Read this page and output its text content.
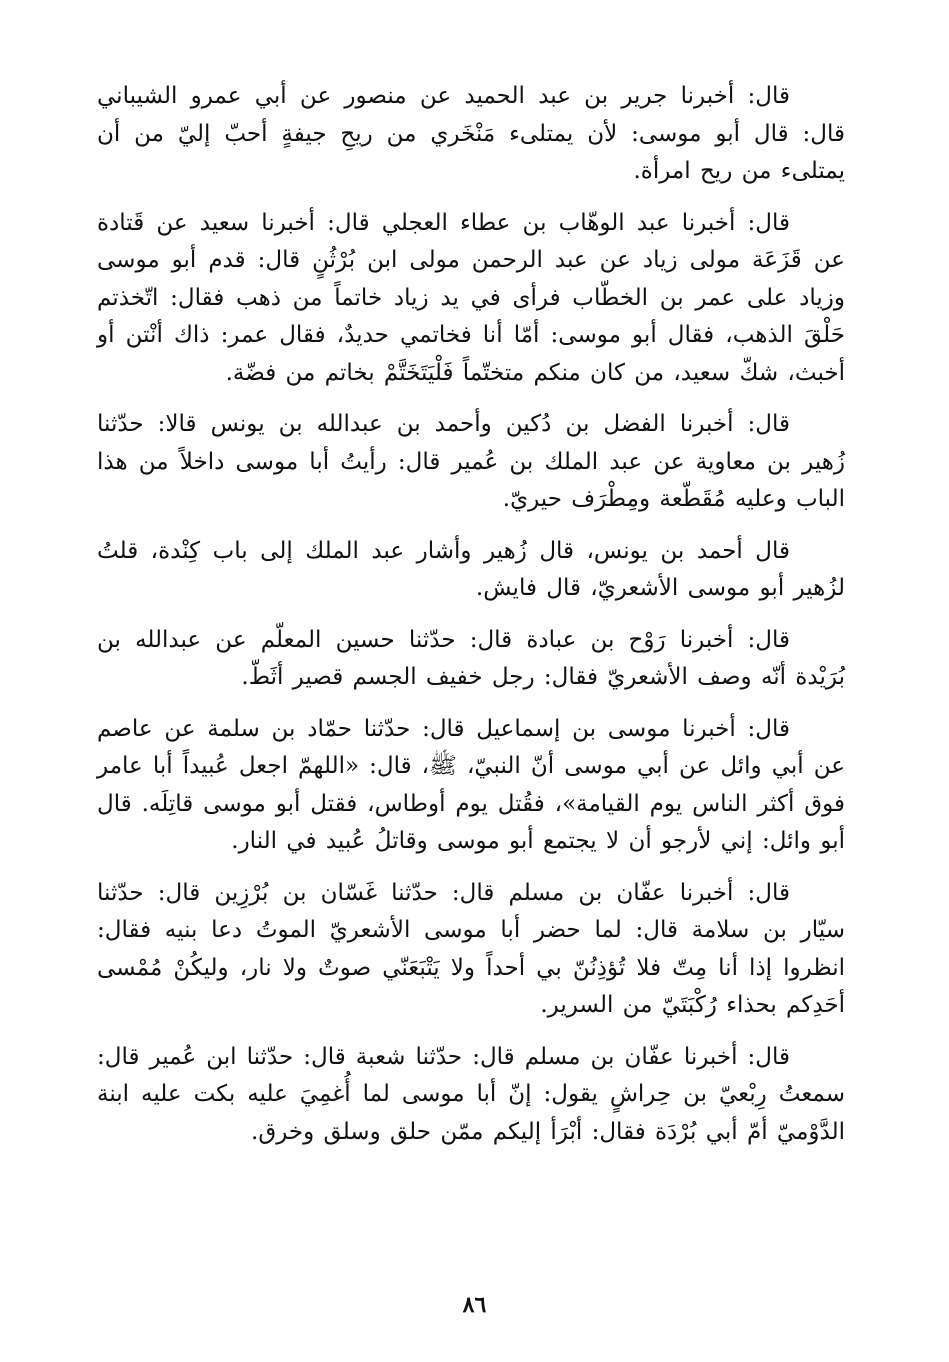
قال: أخبرنا جرير بن عبد الحميد عن منصور عن أبي عمرو الشيباني قال: قال أبو موسى: لأن يمتلىء مَنْخَري من ريحِ جيفةٍ أحبّ إليّ من أن يمتلىء من ريح امرأة.

قال: أخبرنا عبد الوهّاب بن عطاء العجلي قال: أخبرنا سعيد عن قَتادة عن قَزَعَة مولى زياد عن عبد الرحمن مولى ابن بُرْثُنٍ قال: قدم أبو موسى وزياد على عمر بن الخطّاب فرأى في يد زياد خاتماً من ذهب فقال: اتّخذتم حَلْقَ الذهب، فقال أبو موسى: أمّا أنا فخاتمي حديدٌ، فقال عمر: ذاك أنْتن أو أخبث، شكّ سعيد، من كان منكم متختّماً فَلْيَتَخَتَّمْ بخاتم من فضّة.

قال: أخبرنا الفضل بن دُكين وأحمد بن عبدالله بن يونس قالا: حدّثنا زُهير بن معاوية عن عبد الملك بن عُمير قال: رأيتُ أبا موسى داخلاً من هذا الباب وعليه مُقَطّعة ومِطْرَف حيريّ.

قال أحمد بن يونس، قال زُهير وأشار عبد الملك إلى باب كِنْدة، قلتُ لزُهير أبو موسى الأشعريّ، قال فايش.

قال: أخبرنا رَوْح بن عبادة قال: حدّثنا حسين المعلّم عن عبدالله بن بُرَيْدة أنّه وصف الأشعريّ فقال: رجل خفيف الجسم قصير أثَطّ.

قال: أخبرنا موسى بن إسماعيل قال: حدّثنا حمّاد بن سلمة عن عاصم عن أبي وائل عن أبي موسى أنّ النبيّ، ﷺ، قال: «اللهمّ اجعل عُبيداً أبا عامر فوق أكثر الناس يوم القيامة»، فقُتل يوم أوطاس، فقتل أبو موسى قاتِلَه. قال أبو وائل: إني لأرجو أن لا يجتمع أبو موسى وقاتلُ عُبيد في النار.

قال: أخبرنا عفّان بن مسلم قال: حدّثنا غَسّان بن بُرْزِين قال: حدّثنا سيّار بن سلامة قال: لما حضر أبا موسى الأشعريّ الموتُ دعا بنيه فقال: انظروا إذا أنا مِتّ فلا تُؤذِنُنّ بي أحداً ولا يَتْبَعَنّي صوتٌ ولا نار، وليكُنْ مُمْسى أحَدِكم بحذاء رُكْبَتَيّ من السرير.

قال: أخبرنا عفّان بن مسلم قال: حدّثنا شعبة قال: حدّثنا ابن عُمير قال: سمعتُ رِبْعيّ بن حِراشٍ يقول: إنّ أبا موسى لما أُغمِيَ عليه بكت عليه ابنة الدَّوْميّ أمّ أبي بُرْدَة فقال: أبْرَأ إليكم ممّن حلق وسلق وخرق.

٨٦
